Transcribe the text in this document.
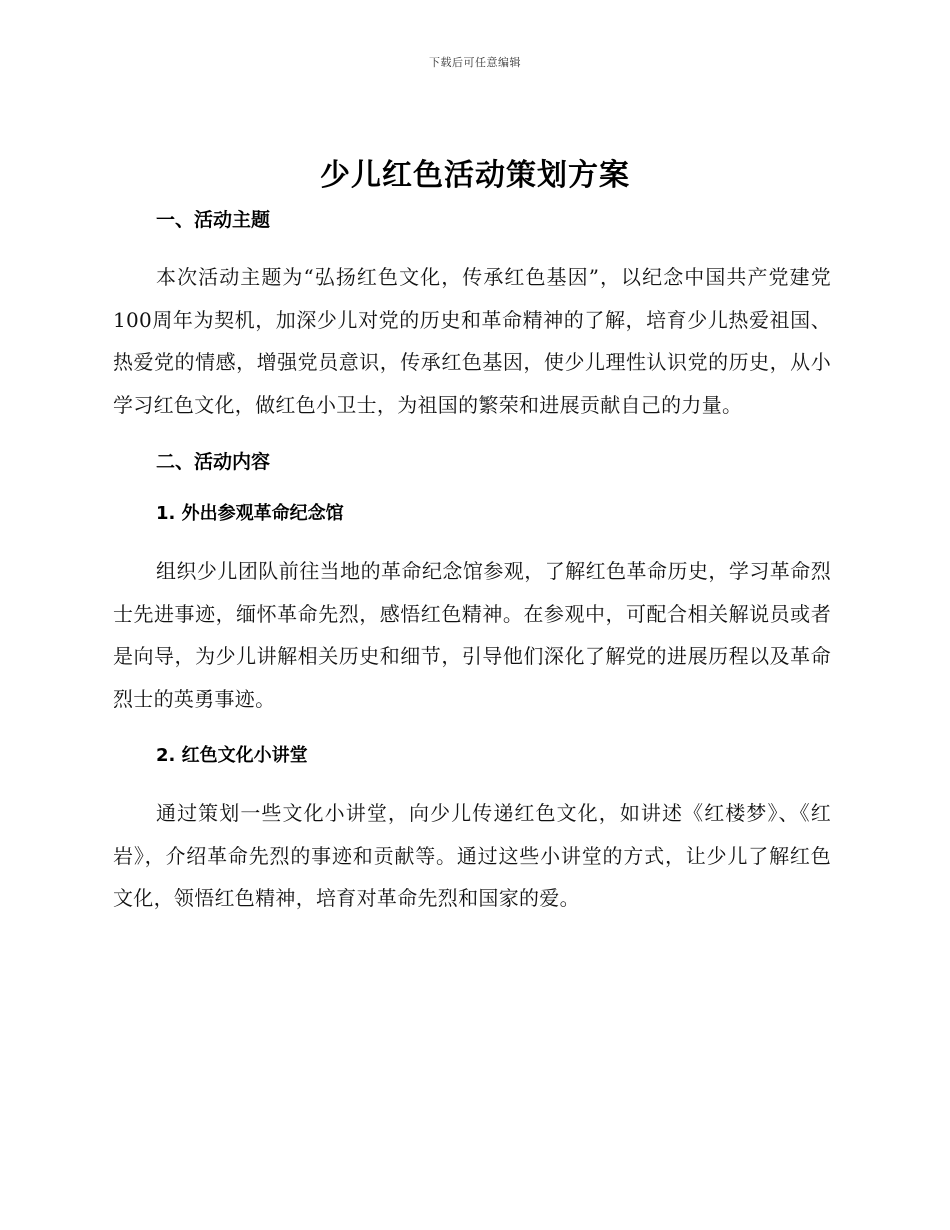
下载后可任意编辑
少儿红色活动策划方案
一、活动主题

本次活动主题为“弘扬红色文化，传承红色基因”，以纪念中国共产党建党100周年为契机，加深少儿对党的历史和革命精神的了解，培育少儿热爱祖国、热爱党的情感，增强党员意识，传承红色基因，使少儿理性认识党的历史，从小学习红色文化，做红色小卫士，为祖国的繁荣和进展贡献自己的力量。

二、活动内容
1. 外出参观革命纪念馆

组织少儿团队前往当地的革命纪念馆参观，了解红色革命历史，学习革命烈士先进事迹，缅怀革命先烈，感悟红色精神。在参观中，可配合相关解说员或者是向导，为少儿讲解相关历史和细节，引导他们深化了解党的进展历程以及革命烈士的英勇事迹。

2. 红色文化小讲堂

通过策划一些文化小讲堂，向少儿传递红色文化，如讲述《红楼梦》、《红岩》，介绍革命先烈的事迹和贡献等。通过这些小讲堂的方式，让少儿了解红色文化，领悟红色精神，培育对革命先烈和国家的爱。
